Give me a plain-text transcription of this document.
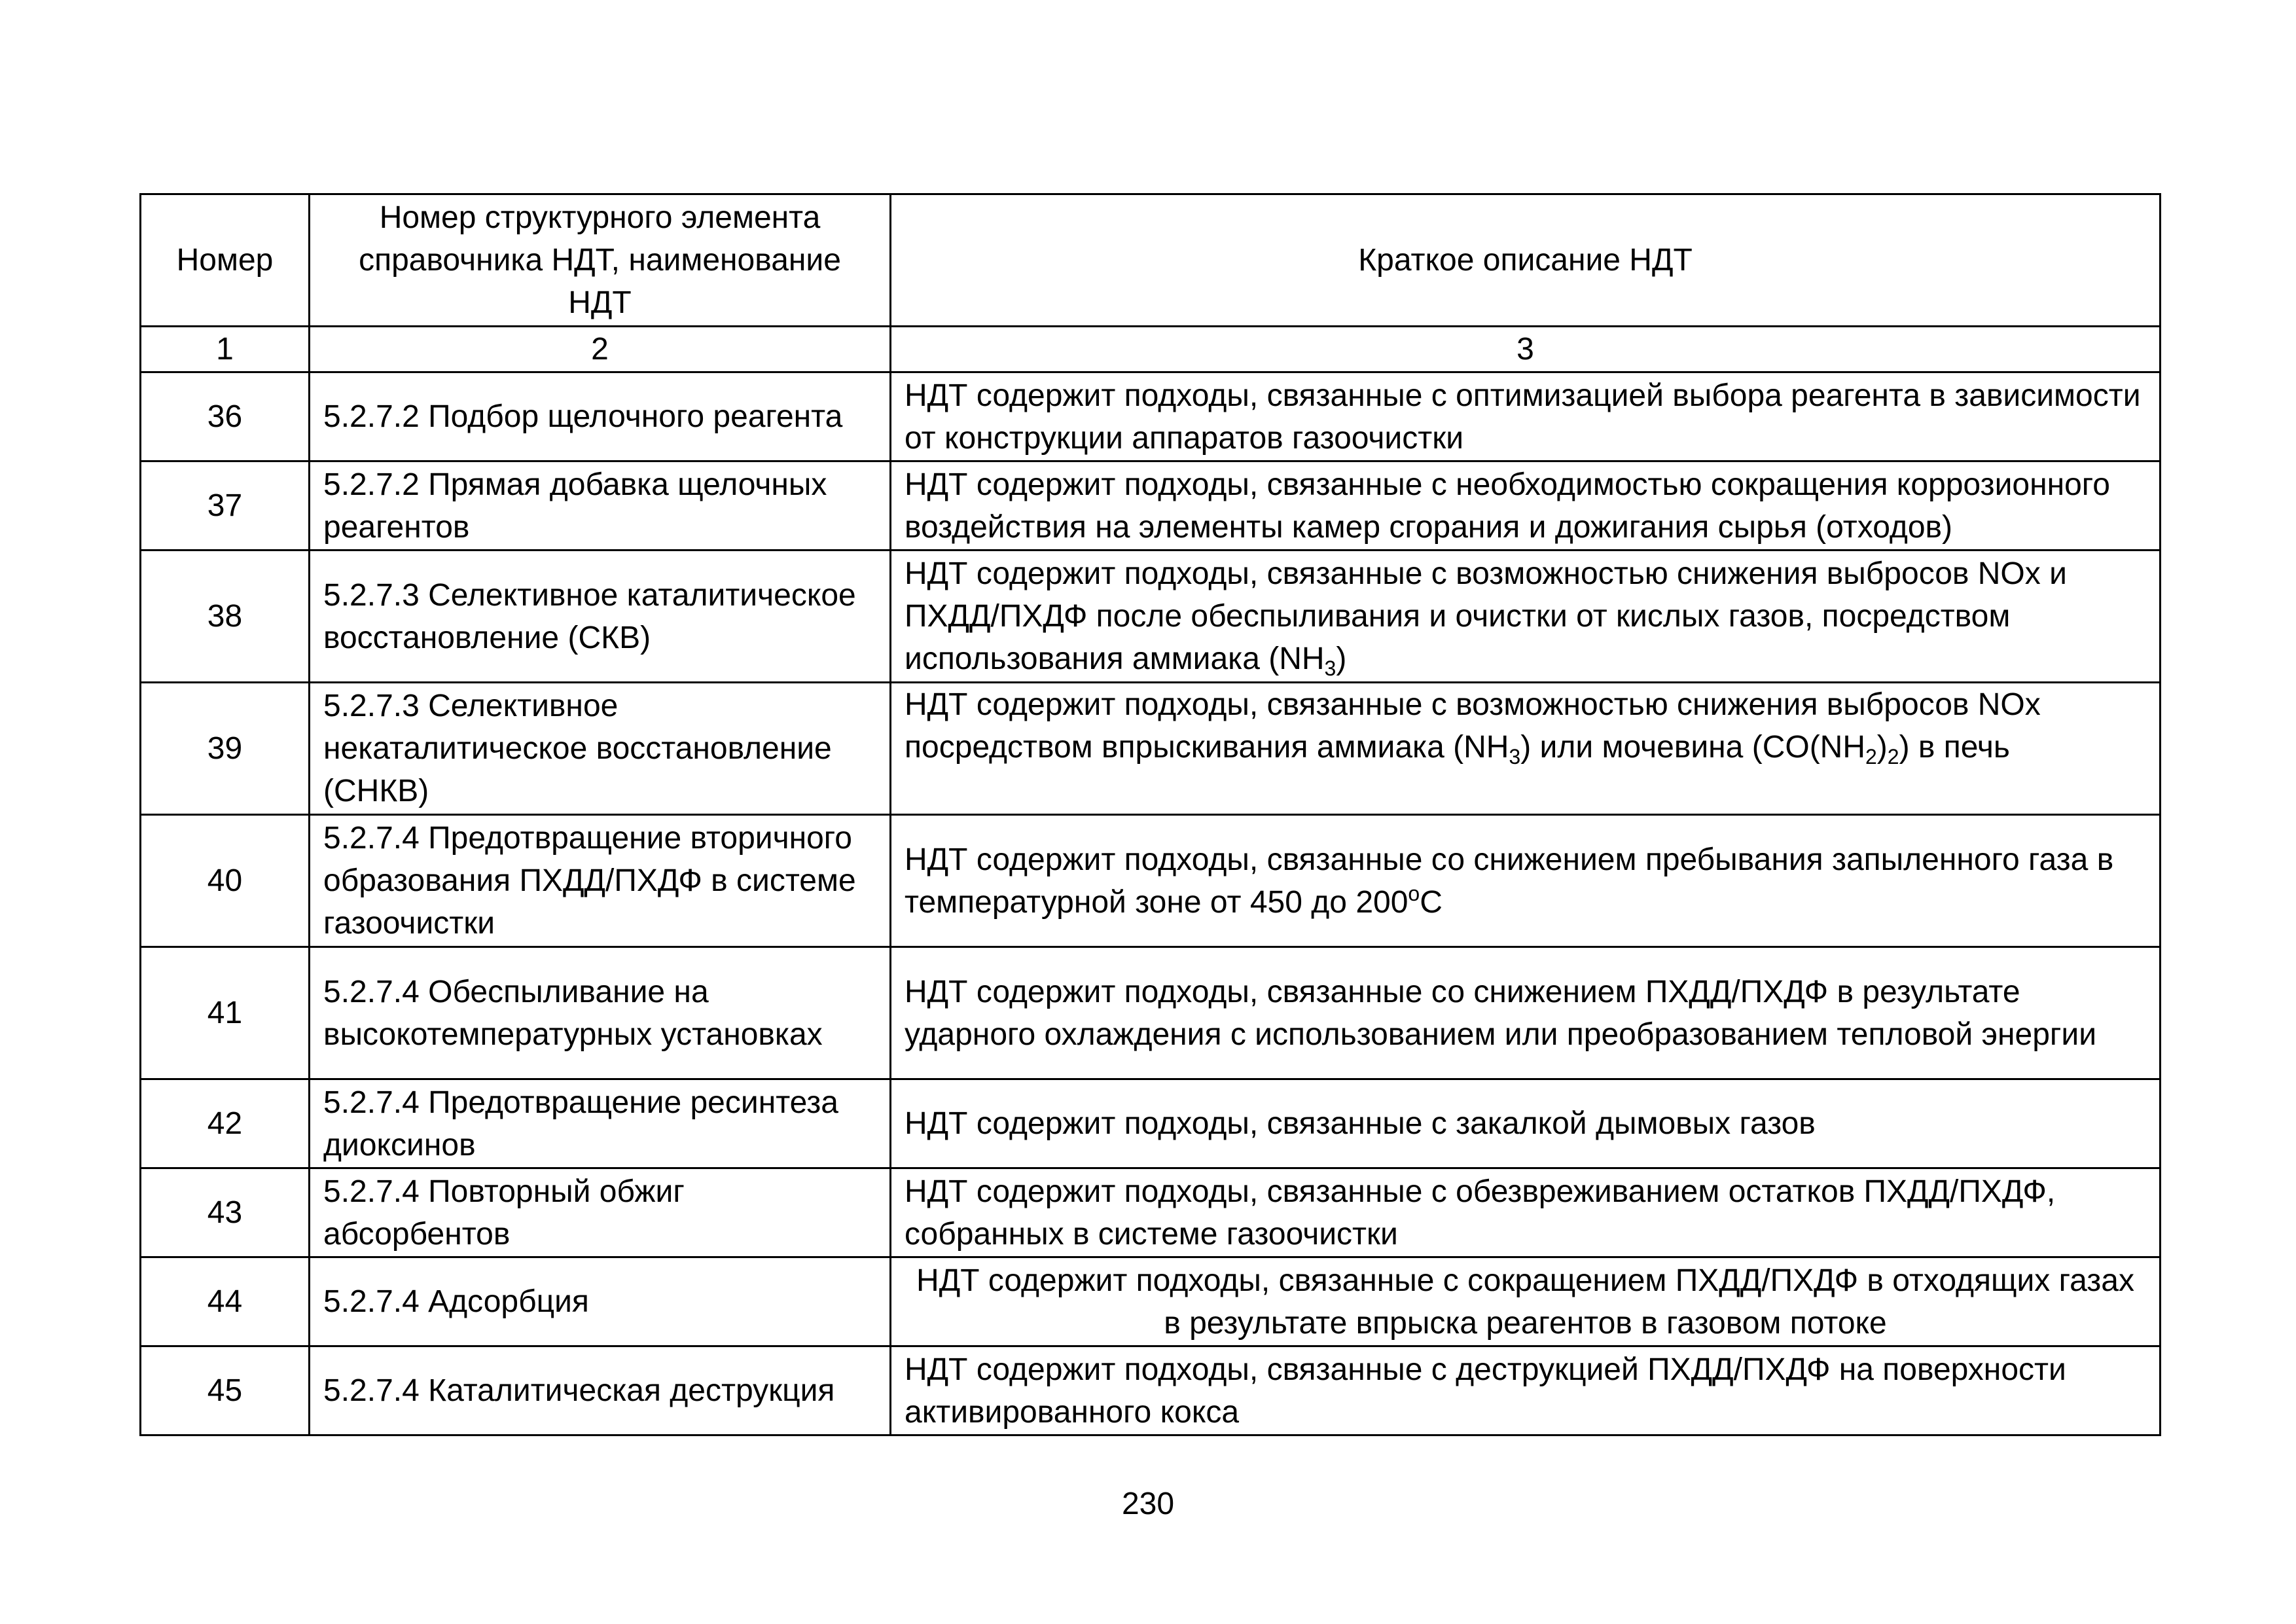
Номер	Номер структурного элемента справочника НДТ, наименование НДТ	Краткое описание НДТ
1	2	3
36	5.2.7.2 Подбор щелочного реагента	НДТ содержит подходы, связанные с оптимизацией выбора реагента в зависимости от конструкции аппаратов газоочистки
37	5.2.7.2 Прямая добавка щелочных реагентов	НДТ содержит подходы, связанные с необходимостью сокращения коррозионного воздействия на элементы камер сгорания и дожигания сырья (отходов)
38	5.2.7.3 Селективное каталитическое восстановление (СКВ)	НДТ содержит подходы, связанные с возможностью снижения выбросов NOx и ПХДД/ПХДФ после обеспыливания и очистки от кислых газов, посредством использования аммиака $(NH_3)$
39	5.2.7.3 Селективное некаталитическое восстановление (СНКВ)	НДТ содержит подходы, связанные с возможностью снижения выбросов NOx посредством впрыскивания аммиака $(NH_3)$ или мочевина $(CO(NH_2)_2)$ в печь
40	5.2.7.4 Предотвращение вторичного образования ПХДД/ПХДФ в системе газоочистки	НДТ содержит подходы, связанные со снижением пребывания запыленного газа в температурной зоне от 450 до $200^оС$
41	5.2.7.4 Обеспыливание на высокотемпературных установках	НДТ содержит подходы, связанные со снижением ПХДД/ПХДФ в результате ударного охлаждения с использованием или преобразованием тепловой энергии
42	5.2.7.4 Предотвращение ресинтеза диоксинов	НДТ содержит подходы, связанные с закалкой дымовых газов
43	5.2.7.4 Повторный обжиг абсорбентов	НДТ содержит подходы, связанные с обезвреживанием остатков ПХДД/ПХДФ, собранных в системе газоочистки
44	5.2.7.4 Адсорбция	НДТ содержит подходы, связанные с сокращением ПХДД/ПХДФ в отходящих газах в результате впрыска реагентов в газовом потоке
45	5.2.7.4 Каталитическая деструкция	НДТ содержит подходы, связанные с деструкцией ПХДД/ПХДФ на поверхности активированного кокса
230
